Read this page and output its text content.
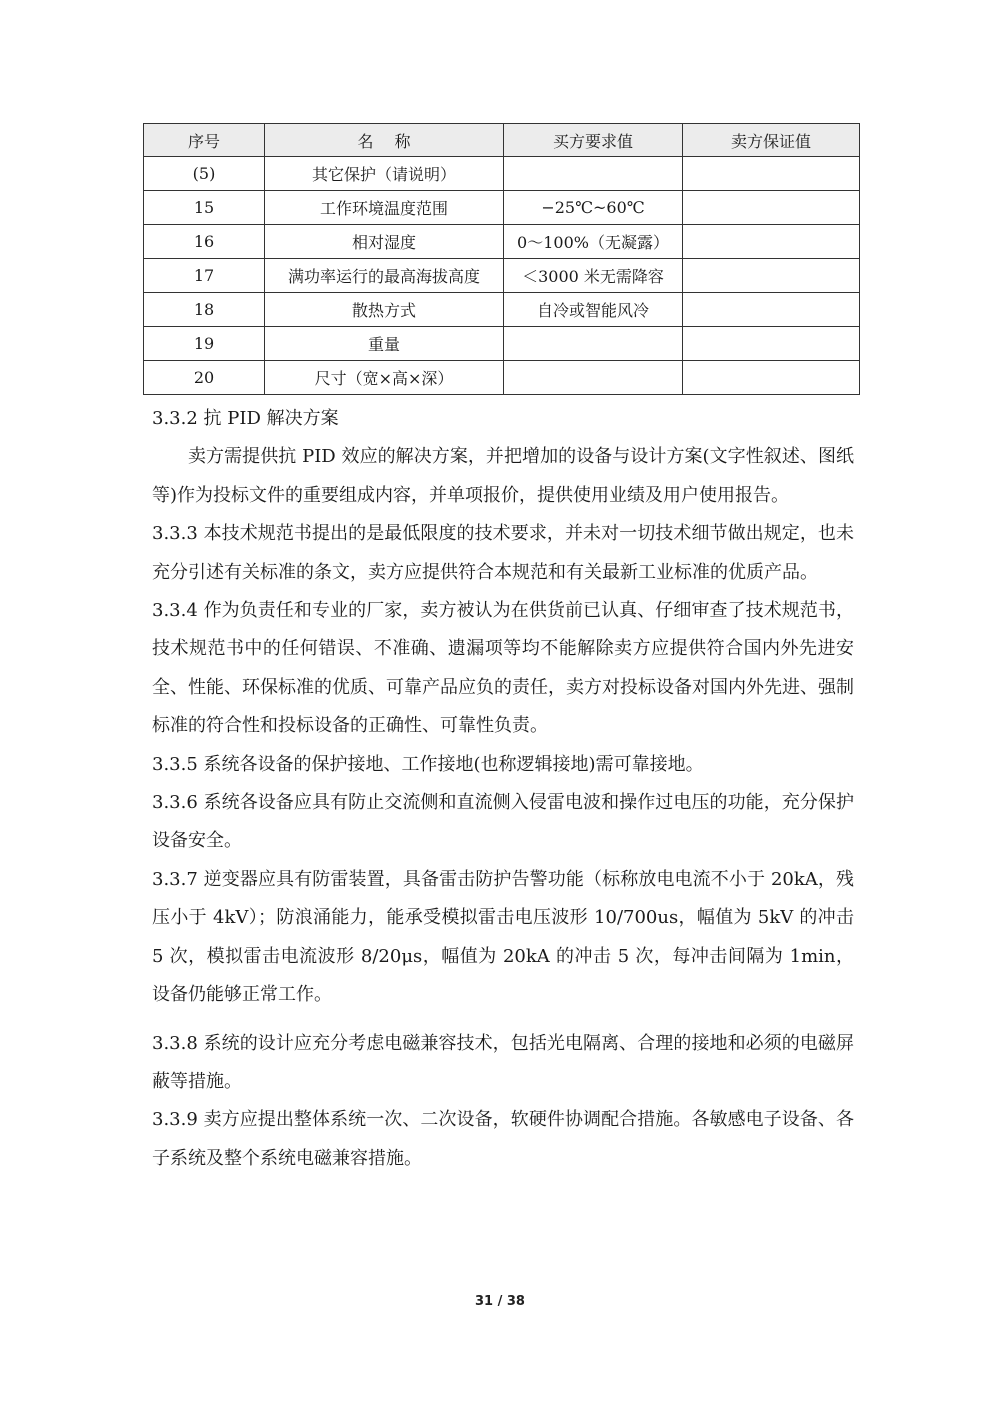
序号	名　 称	买方要求值	卖方保证值
(5)	其它保护（请说明）		
15	工作环境温度范围	−25℃~60℃	
16	相对湿度	0～100%（无凝露）	
17	满功率运行的最高海拔高度	＜3000 米无需降容	
18	散热方式	自冷或智能风冷	
19	重量		
20	尺寸（宽×高×深）		

3.3.2 抗 PID 解决方案

卖方需提供抗 PID 效应的解决方案，并把增加的设备与设计方案(文字性叙述、图纸等)作为投标文件的重要组成内容，并单项报价，提供使用业绩及用户使用报告。

3.3.3 本技术规范书提出的是最低限度的技术要求，并未对一切技术细节做出规定，也未充分引述有关标准的条文，卖方应提供符合本规范和有关最新工业标准的优质产品。

3.3.4 作为负责任和专业的厂家，卖方被认为在供货前已认真、仔细审查了技术规范书，技术规范书中的任何错误、不准确、遗漏项等均不能解除卖方应提供符合国内外先进安全、性能、环保标准的优质、可靠产品应负的责任，卖方对投标设备对国内外先进、强制标准的符合性和投标设备的正确性、可靠性负责。

3.3.5 系统各设备的保护接地、工作接地(也称逻辑接地)需可靠接地。

3.3.6 系统各设备应具有防止交流侧和直流侧入侵雷电波和操作过电压的功能，充分保护设备安全。

3.3.7 逆变器应具有防雷装置，具备雷击防护告警功能（标称放电电流不小于 20kA，残压小于 4kV）；防浪涌能力，能承受模拟雷击电压波形 10/700us，幅值为 5kV 的冲击 5 次，模拟雷击电流波形 8/20μs，幅值为 20kA 的冲击 5 次，每冲击间隔为 1min，设备仍能够正常工作。

3.3.8 系统的设计应充分考虑电磁兼容技术，包括光电隔离、合理的接地和必须的电磁屏蔽等措施。

3.3.9 卖方应提出整体系统一次、二次设备，软硬件协调配合措施。各敏感电子设备、各子系统及整个系统电磁兼容措施。

31 / 38
